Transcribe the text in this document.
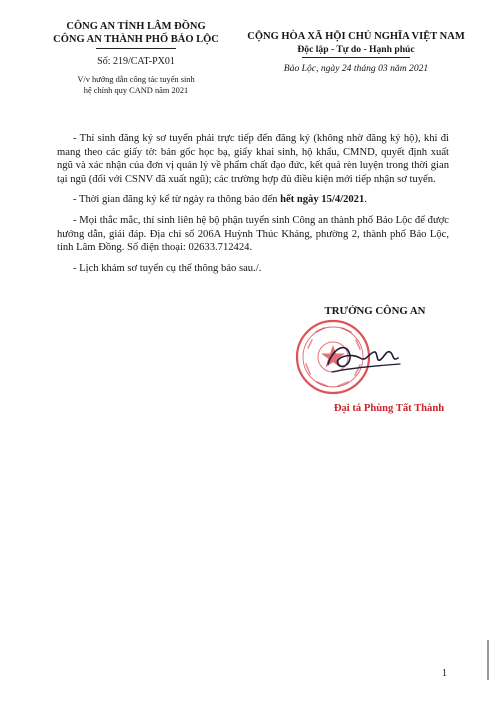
CÔNG AN TỈNH LÂM ĐỒNG
CÔNG AN THÀNH PHỐ BẢO LỘC
Số: 219/CAT-PX01
V/v hướng dẫn công tác tuyển sinh
hệ chính quy CAND năm 2021
CỘNG HÒA XÃ HỘI CHỦ NGHĨA VIỆT NAM
Độc lập - Tự do - Hạnh phúc
Bảo Lộc, ngày 24 tháng 03 năm 2021

- Thí sinh đăng ký sơ tuyển phải trực tiếp đến đăng ký (không nhờ đăng ký hộ), khi đi mang theo các giấy tờ: bản gốc học bạ, giấy khai sinh, hộ khẩu, CMND, quyết định xuất ngũ và xác nhận của đơn vị quản lý về phẩm chất đạo đức, kết quả rèn luyện trong thời gian tại ngũ (đối với CSNV đã xuất ngũ); các trường hợp đủ điều kiện mới tiếp nhận sơ tuyển.

- Thời gian đăng ký kể từ ngày ra thông báo đến hết ngày 15/4/2021.

- Mọi thắc mắc, thí sinh liên hệ bộ phận tuyển sinh Công an thành phố Bảo Lộc để được hướng dẫn, giải đáp. Địa chỉ số 206A Huỳnh Thúc Kháng, phường 2, thành phố Bảo Lộc, tỉnh Lâm Đồng. Số điện thoại: 02633.712424.

- Lịch khám sơ tuyển cụ thể thông báo sau./.

TRƯỞNG CÔNG AN
Đại tá Phùng Tất Thành
1
